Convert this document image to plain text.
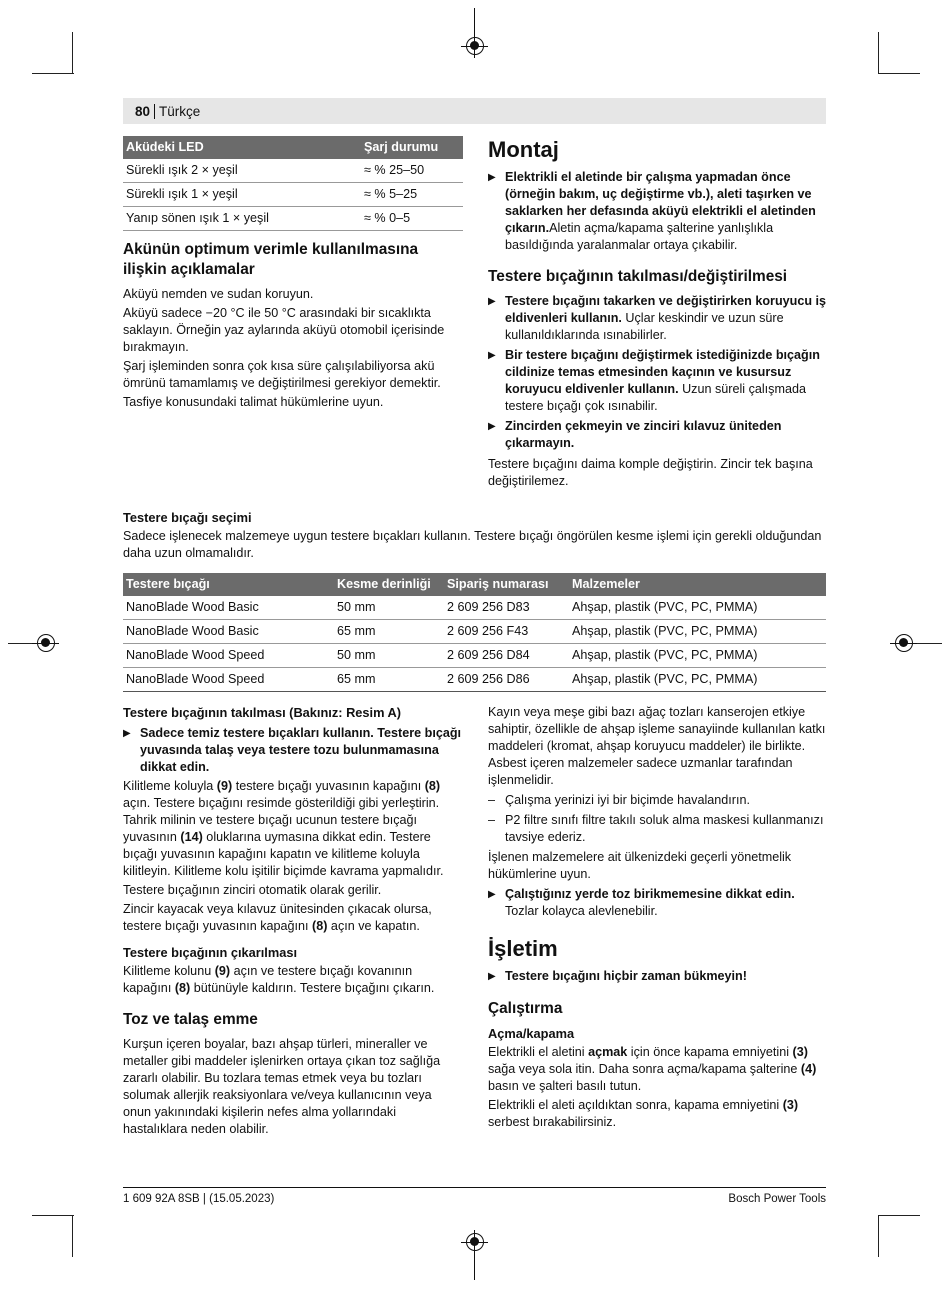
80 Türkçe
Aküdeki LED	Şarj durumu
Sürekli ışık 2 × yeşil	≈ % 25–50
Sürekli ışık 1 × yeşil	≈ % 5–25
Yanıp sönen ışık 1 × yeşil	≈ % 0–5
Akünün optimum verimle kullanılmasına ilişkin açıklamalar

Aküyü nemden ve sudan koruyun.

Aküyü sadece −20 °C ile 50 °C arasındaki bir sıcaklıkta saklayın. Örneğin yaz aylarında aküyü otomobil içerisinde bırakmayın.

Şarj işleminden sonra çok kısa süre çalışılabiliyorsa akü ömrünü tamamlamış ve değiştirilmesi gerekiyor demektir.

Tasfiye konusundaki talimat hükümlerine uyun.

Montaj

▶ Elektrikli el aletinde bir çalışma yapmadan önce (örneğin bakım, uç değiştirme vb.), aleti taşırken ve saklarken her defasında aküyü elektrikli el aletinden çıkarın.Aletin açma/kapama şalterine yanlışlıkla basıldığında yaralanmalar ortaya çıkabilir.

Testere bıçağının takılması/değiştirilmesi

▶ Testere bıçağını takarken ve değiştirirken koruyucu iş eldivenleri kullanın. Uçlar keskindir ve uzun süre kullanıldıklarında ısınabilirler.

▶ Bir testere bıçağını değiştirmek istediğinizde bıçağın cildinize temas etmesinden kaçının ve kusursuz koruyucu eldivenler kullanın. Uzun süreli çalışmada testere bıçağı çok ısınabilir.

▶ Zincirden çekmeyin ve zinciri kılavuz üniteden çıkarmayın.

Testere bıçağını daima komple değiştirin. Zincir tek başına değiştirilemez.

Testere bıçağı seçimi

Sadece işlenecek malzemeye uygun testere bıçakları kullanın. Testere bıçağı öngörülen kesme işlemi için gerekli olduğundan daha uzun olmamalıdır.

Testere bıçağı	Kesme derinliği	Sipariş numarası	Malzemeler
NanoBlade Wood Basic	50 mm	2 609 256 D83	Ahşap, plastik (PVC, PC, PMMA)
NanoBlade Wood Basic	65 mm	2 609 256 F43	Ahşap, plastik (PVC, PC, PMMA)
NanoBlade Wood Speed	50 mm	2 609 256 D84	Ahşap, plastik (PVC, PC, PMMA)
NanoBlade Wood Speed	65 mm	2 609 256 D86	Ahşap, plastik (PVC, PC, PMMA)
Testere bıçağının takılması (Bakınız: Resim A)

▶ Sadece temiz testere bıçakları kullanın. Testere bıçağı yuvasında talaş veya testere tozu bulunmamasına dikkat edin.

Kilitleme koluyla (9) testere bıçağı yuvasının kapağını (8) açın. Testere bıçağını resimde gösterildiği gibi yerleştirin. Tahrik milinin ve testere bıçağı ucunun testere bıçağı yuvasının (14) oluklarına uymasına dikkat edin. Testere bıçağı yuvasının kapağını kapatın ve kilitleme koluyla kilitleyin. Kilitleme kolu işitilir biçimde kavrama yapmalıdır.

Testere bıçağının zinciri otomatik olarak gerilir.

Zincir kayacak veya kılavuz ünitesinden çıkacak olursa, testere bıçağı yuvasının kapağını (8) açın ve kapatın.

Testere bıçağının çıkarılması

Kilitleme kolunu (9) açın ve testere bıçağı kovanının kapağını (8) bütünüyle kaldırın. Testere bıçağını çıkarın.

Toz ve talaş emme

Kurşun içeren boyalar, bazı ahşap türleri, mineraller ve metaller gibi maddeler işlenirken ortaya çıkan toz sağlığa zararlı olabilir. Bu tozlara temas etmek veya bu tozları solumak allerjik reaksiyonlara ve/veya kullanıcının veya onun yakınındaki kişilerin nefes alma yollarındaki hastalıklara neden olabilir.

Kayın veya meşe gibi bazı ağaç tozları kanserojen etkiye sahiptir, özellikle de ahşap işleme sanayiinde kullanılan katkı maddeleri (kromat, ahşap koruyucu maddeler) ile birlikte. Asbest içeren malzemeler sadece uzmanlar tarafından işlenmelidir.

– Çalışma yerinizi iyi bir biçimde havalandırın.

– P2 filtre sınıfı filtre takılı soluk alma maskesi kullanmanızı tavsiye ederiz.

İşlenen malzemelere ait ülkenizdeki geçerli yönetmelik hükümlerine uyun.

▶ Çalıştığınız yerde toz birikmemesine dikkat edin.
Tozlar kolayca alevlenebilir.

İşletim

▶ Testere bıçağını hiçbir zaman bükmeyin!

Çalıştırma
Açma/kapama

Elektrikli el aletini açmak için önce kapama emniyetini (3) sağa veya sola itin. Daha sonra açma/kapama şalterine (4) basın ve şalteri basılı tutun.

Elektrikli el aleti açıldıktan sonra, kapama emniyetini (3) serbest bırakabilirsiniz.

1 609 92A 8SB | (15.05.2023)	Bosch Power Tools
